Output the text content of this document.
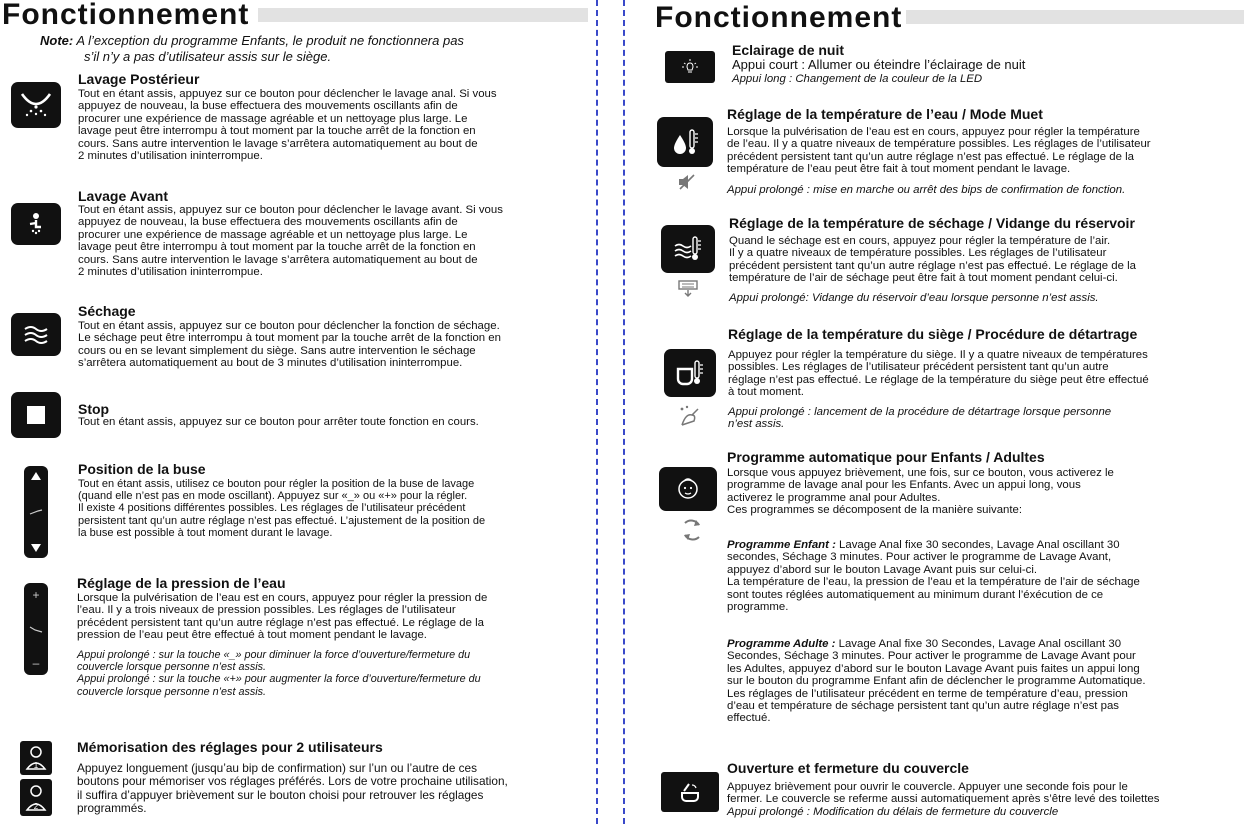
Fonctionnement
Note: A l’exception du programme Enfants, le produit ne fonctionnera pas
s’il n’y a pas d’utilisateur assis sur le siège.
Lavage Postérieur
Tout en étant assis, appuyez sur ce bouton pour déclencher le lavage anal. Si vous
appuyez de nouveau, la buse effectuera des mouvements oscillants afin de
procurer une expérience de massage agréable et un nettoyage plus large. Le
lavage peut être interrompu à tout moment par la touche arrêt de la fonction en
cours. Sans autre intervention le lavage s’arrêtera automatiquement au bout de
2 minutes d’utilisation ininterrompue.
Lavage Avant
Tout en étant assis, appuyez sur ce bouton pour déclencher le lavage avant. Si vous
appuyez de nouveau, la buse effectuera des mouvements oscillants afin de
procurer une expérience de massage agréable et un nettoyage plus large. Le
lavage peut être interrompu à tout moment par la touche arrêt de la fonction en
cours. Sans autre intervention le lavage s’arrêtera automatiquement au bout de
2 minutes d’utilisation ininterrompue.
Séchage
Tout en étant assis, appuyez sur ce bouton pour déclencher la fonction de séchage.
Le séchage peut être interrompu à tout moment par la touche arrêt de la fonction en
cours ou en se levant simplement du siège. Sans autre intervention le séchage
s’arrêtera automatiquement au bout de 3 minutes d’utilisation ininterrompue.
Stop
Tout en étant assis, appuyez sur ce bouton pour arrêter toute fonction en cours.
Position de la buse
Tout en étant assis, utilisez ce bouton pour régler la position de la buse de lavage
(quand elle n’est pas en mode oscillant). Appuyez sur «_» ou «+» pour la régler.
Il existe 4 positions différentes possibles. Les réglages de l’utilisateur précédent
persistent tant qu’un autre réglage n’est pas effectué. L’ajustement de la position de
la buse est possible à tout moment durant le lavage.
+
–
Réglage de la pression de l’eau
Lorsque la pulvérisation de l’eau est en cours, appuyez pour régler la pression de
l’eau. Il y a trois niveaux de pression possibles. Les réglages de l’utilisateur
précédent persistent tant qu’un autre réglage n’est pas effectué. Le réglage de la
pression de l’eau peut être effectué à tout moment pendant le lavage.
Appui prolongé : sur la touche «_» pour diminuer la force d’ouverture/fermeture du
couvercle lorsque personne n’est assis.
Appui prolongé : sur la touche «+» pour augmenter la force d’ouverture/fermeture du
couvercle lorsque personne n’est assis.
1
2
Mémorisation des réglages pour 2 utilisateurs
Appuyez longuement (jusqu’au bip de confirmation) sur l’un ou l’autre de ces
boutons pour mémoriser vos réglages préférés. Lors de votre prochaine utilisation,
il suffira d’appuyer brièvement sur le bouton choisi pour retrouver les réglages
programmés.
Fonctionnement
Eclairage de nuit
Appui court : Allumer ou éteindre l’éclairage de nuit
Appui long : Changement de la couleur de la LED
Réglage de la température de l’eau / Mode Muet
Lorsque la pulvérisation de l’eau est en cours, appuyez pour régler la température
de l’eau. Il y a quatre niveaux de température possibles. Les réglages de l’utilisateur
précédent persistent tant qu’un autre réglage n’est pas effectué. Le réglage de la
température de l’eau peut être fait à tout moment pendant le lavage.
Appui prolongé : mise en marche ou arrêt des bips de confirmation de fonction.
Réglage de la température de séchage / Vidange du réservoir
Quand le séchage est en cours, appuyez pour régler la température de l’air.
Il y a quatre niveaux de température possibles. Les réglages de l’utilisateur
précédent persistent tant qu’un autre réglage n’est pas effectué. Le réglage de la
température de l’air de séchage peut être fait à tout moment pendant celui-ci.
Appui prolongé: Vidange du réservoir d’eau lorsque personne n’est assis.
Réglage de la température du siège / Procédure de détartrage
Appuyez pour régler la température du siège. Il y a quatre niveaux de températures
possibles. Les réglages de l’utilisateur précédent persistent tant qu’un autre
réglage n’est pas effectué. Le réglage de la température du siège peut être effectué
à tout moment.
Appui prolongé : lancement de la procédure de détartrage lorsque personne
n’est assis.
Programme automatique pour Enfants / Adultes
Lorsque vous appuyez brièvement, une fois, sur ce bouton, vous activerez le
programme de lavage anal pour les Enfants. Avec un appui long, vous
activerez le programme anal pour Adultes.
Ces programmes se décomposent de la manière suivante:
Programme Enfant : Lavage Anal fixe 30 secondes, Lavage Anal oscillant 30
secondes, Séchage 3 minutes. Pour activer le programme de Lavage Avant,
appuyez d’abord sur le bouton Lavage Avant puis sur celui-ci.
La température de l’eau, la pression de l’eau et la température de l’air de séchage
sont toutes réglées automatiquement au minimum durant l’éxécution de ce
programme.
Programme Adulte : Lavage Anal fixe 30 Secondes, Lavage Anal oscillant 30
Secondes, Séchage 3 minutes. Pour activer le programme de Lavage Avant pour
les Adultes, appuyez d’abord sur le bouton Lavage Avant puis faites un appui long
sur le bouton du programme Enfant afin de déclencher le programme Automatique.
Les réglages de l’utilisateur précédent en terme de température d’eau, pression
d’eau et température de séchage persistent tant qu’un autre réglage n’est pas
effectué.
Ouverture et fermeture du couvercle
Appuyez brièvement pour ouvrir le couvercle. Appuyer une seconde fois pour le
fermer. Le couvercle se referme aussi automatiquement après s’être levé des toilettes
Appui prolongé : Modification du délais de fermeture du couvercle
